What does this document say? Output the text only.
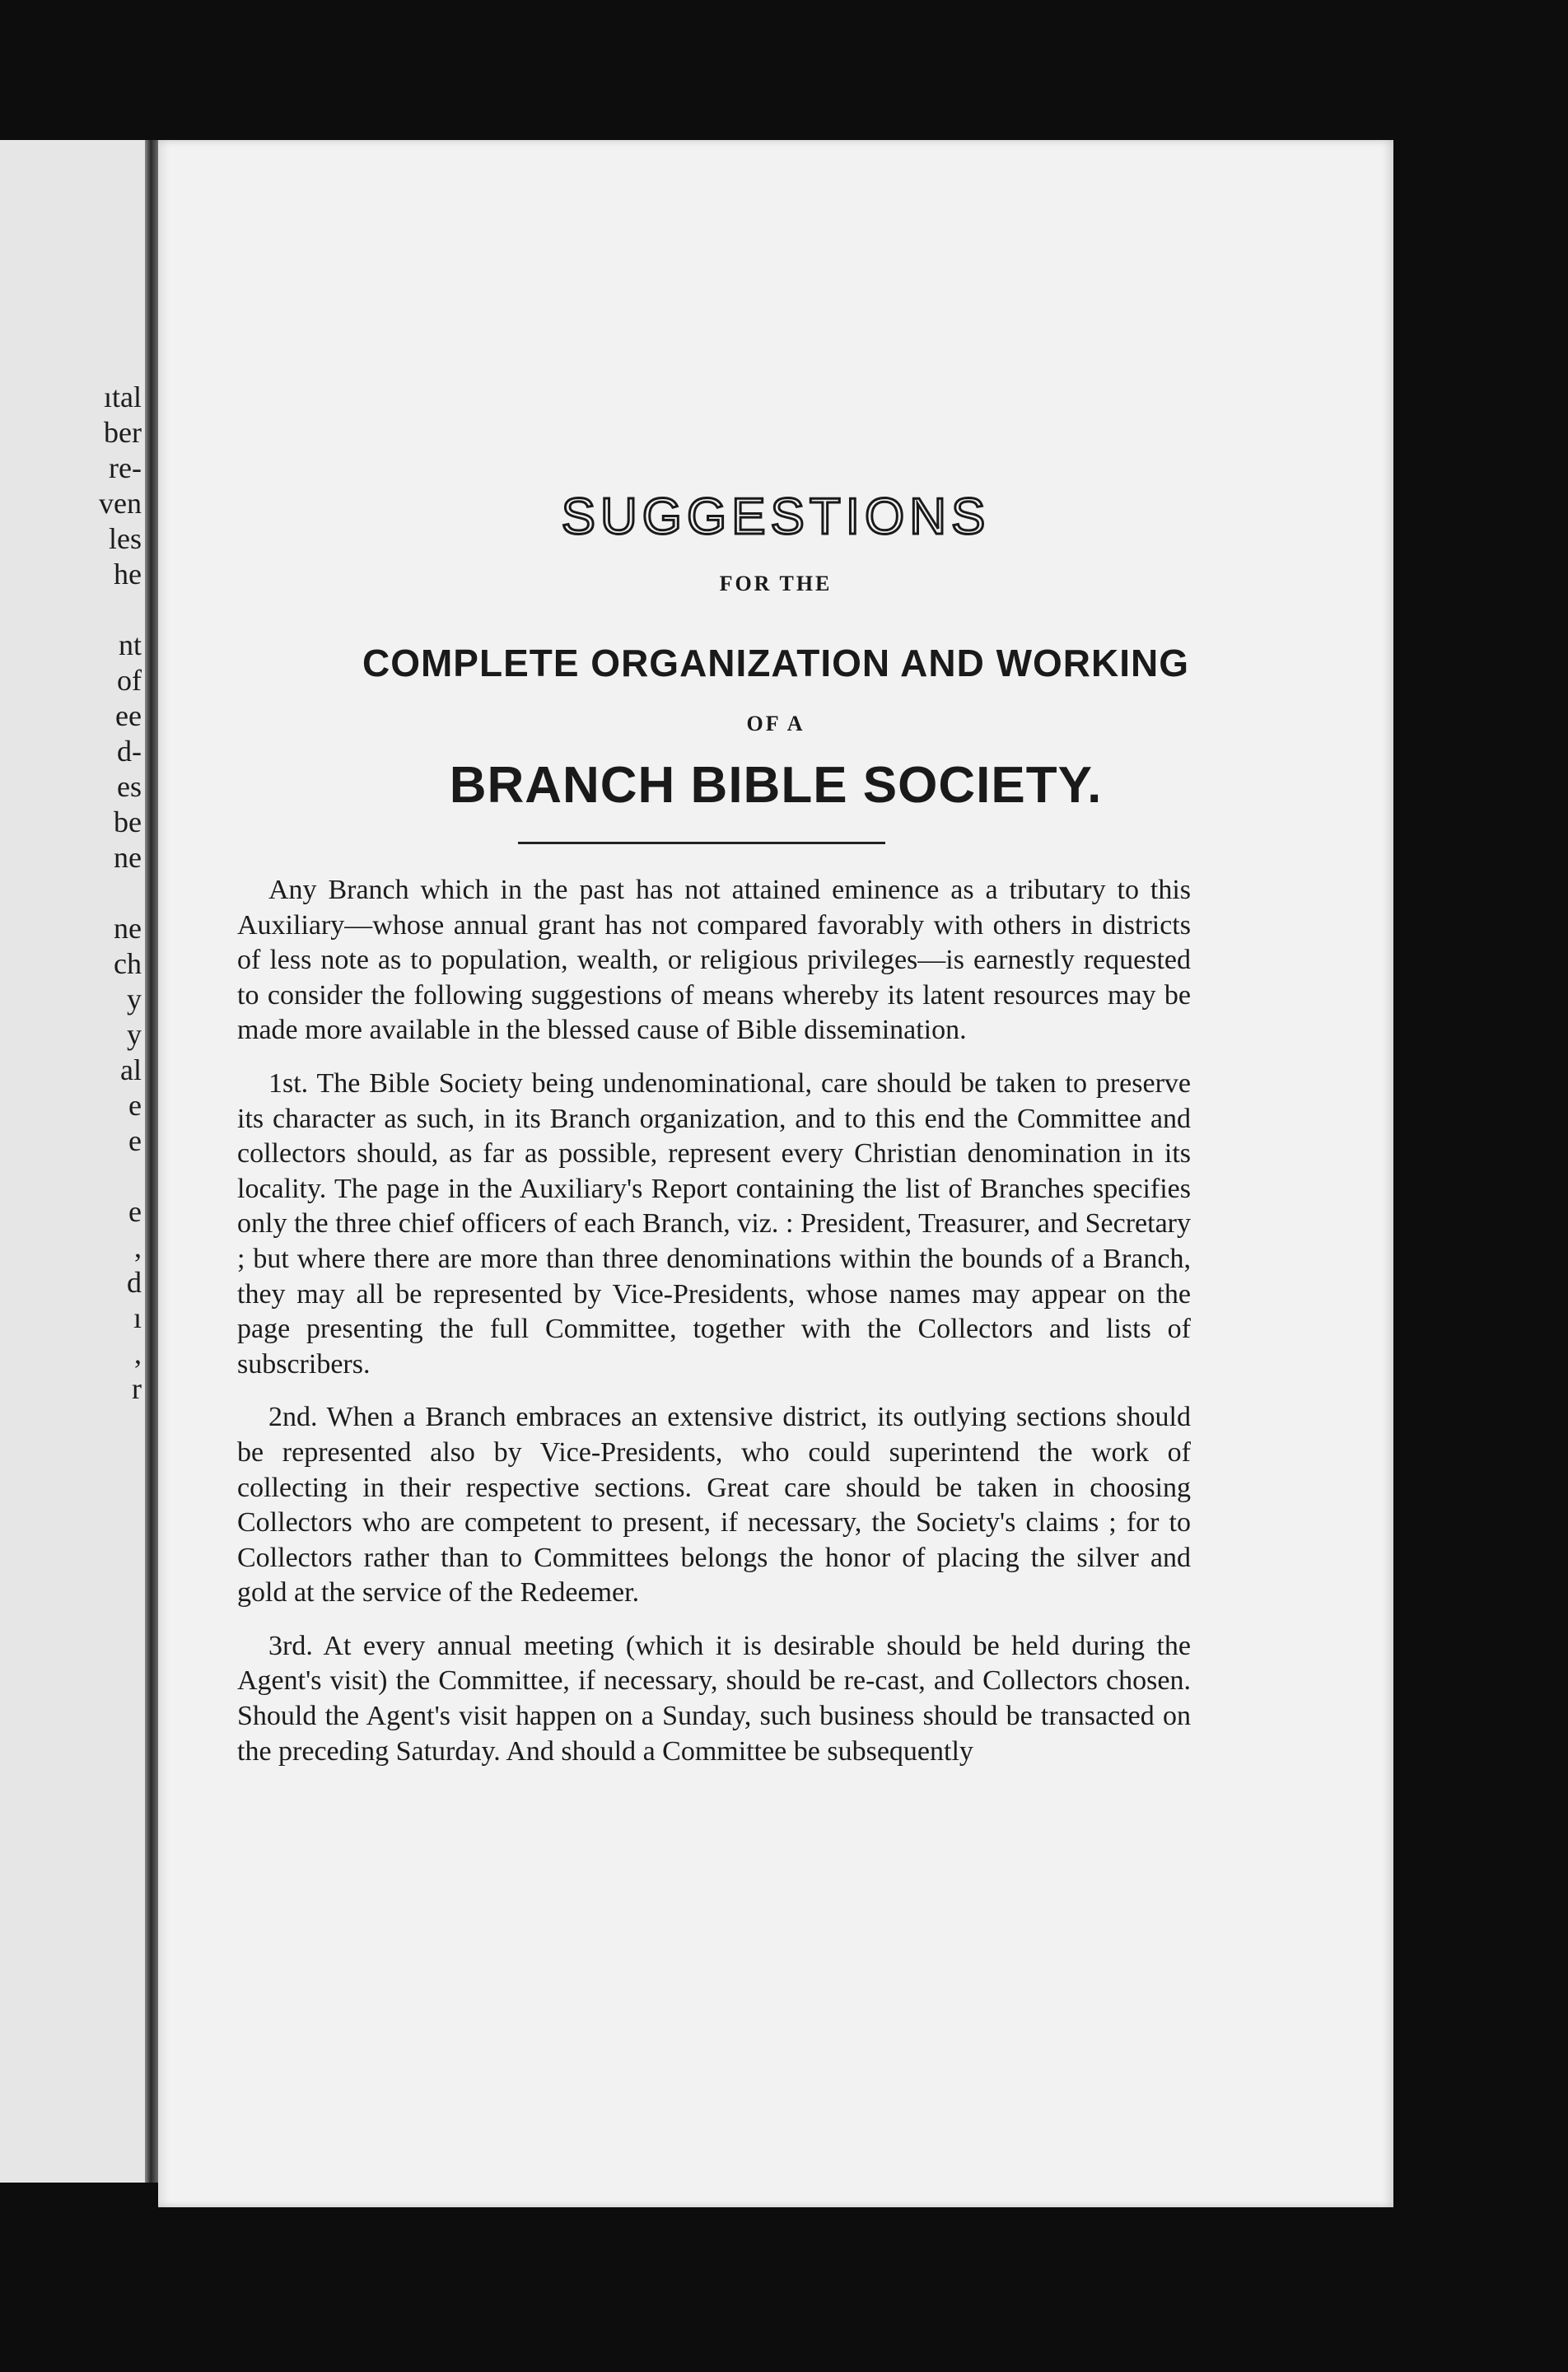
ıtal
ber
re-
ven
les
he
nt
of
ee
d-
es
be
ne
ne
ch
y
y
al
e
e
e
,
d
ı
,
r
SUGGESTIONS
FOR THE
COMPLETE ORGANIZATION AND WORKING
OF A
BRANCH BIBLE SOCIETY.

Any Branch which in the past has not attained eminence as a tributary to this Auxiliary—whose annual grant has not compared favorably with others in districts of less note as to population, wealth, or religious privileges—is earnestly requested to consider the following suggestions of means whereby its latent resources may be made more available in the blessed cause of Bible dissemination.

1st. The Bible Society being undenominational, care should be taken to preserve its character as such, in its Branch organization, and to this end the Committee and collectors should, as far as possible, represent every Christian denomination in its locality. The page in the Auxiliary's Report containing the list of Branches specifies only the three chief officers of each Branch, viz. : President, Treasurer, and Secretary ; but where there are more than three denominations within the bounds of a Branch, they may all be represented by Vice-Presidents, whose names may appear on the page presenting the full Committee, together with the Collectors and lists of subscribers.

2nd. When a Branch embraces an extensive district, its outlying sections should be represented also by Vice-Presidents, who could superintend the work of collecting in their respective sections. Great care should be taken in choosing Collectors who are competent to present, if necessary, the Society's claims ; for to Collectors rather than to Committees belongs the honor of placing the silver and gold at the service of the Redeemer.

3rd. At every annual meeting (which it is desirable should be held during the Agent's visit) the Committee, if necessary, should be re-cast, and Collectors chosen. Should the Agent's visit happen on a Sunday, such business should be transacted on the preceding Saturday. And should a Committee be subsequently
